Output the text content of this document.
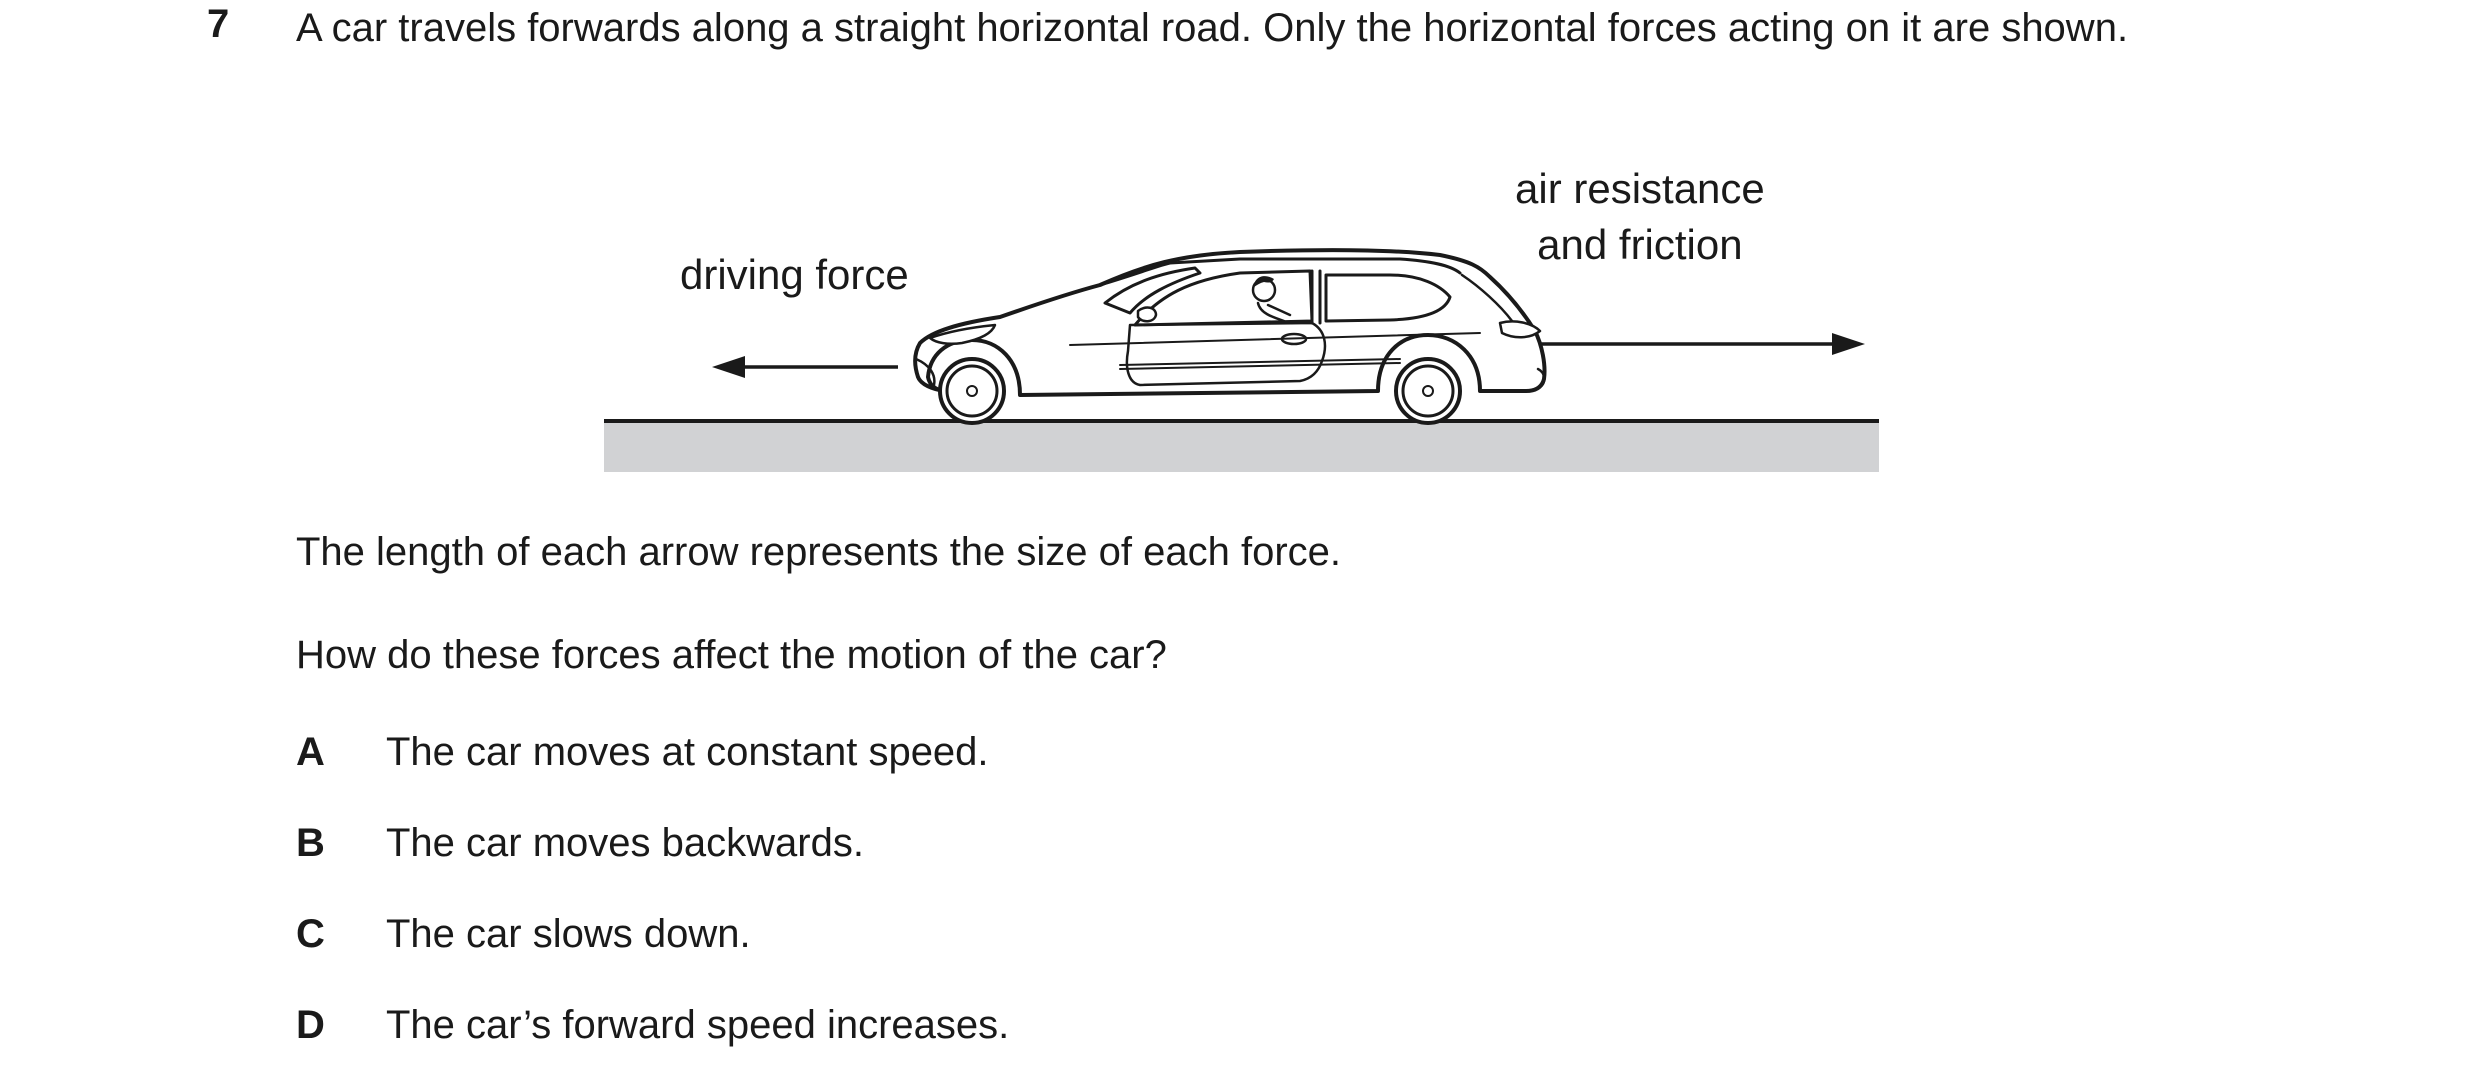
7 A car travels forwards along a straight horizontal road. Only the horizontal forces acting on it are shown.
driving force
air resistance
and friction
The length of each arrow represents the size of each force.
How do these forces affect the motion of the car?
A	The car moves at constant speed.
B	The car moves backwards.
C	The car slows down.
D	The car’s forward speed increases.
